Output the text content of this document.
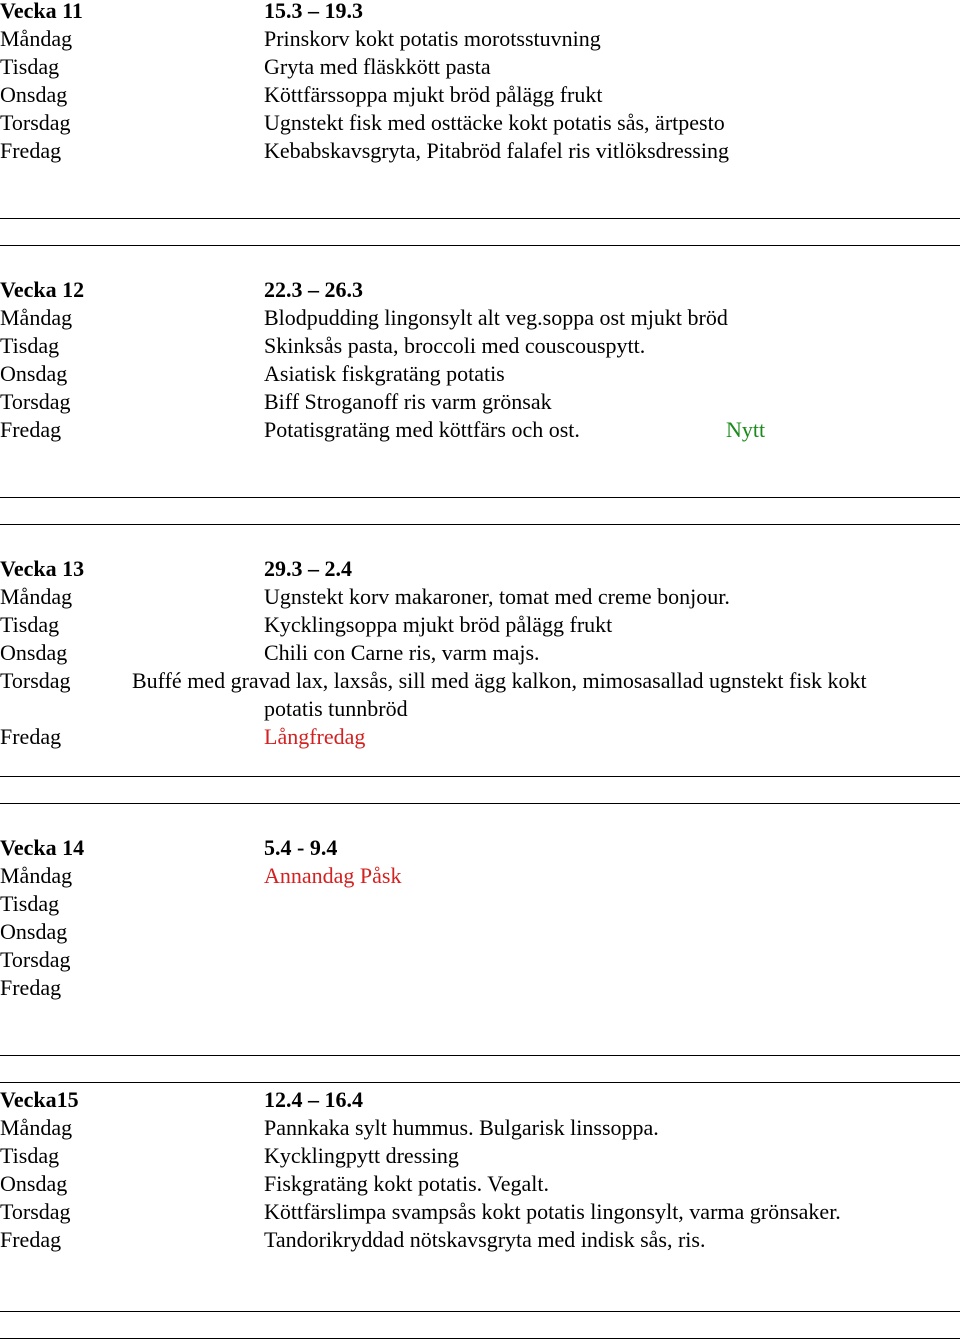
Vecka 11	15.3 – 19.3
Måndag	Prinskorv kokt potatis morotsstuvning
Tisdag	Gryta med fläskkött pasta
Onsdag	Köttfärssoppa mjukt bröd pålägg frukt
Torsdag	Ugnstekt fisk med osttäcke kokt potatis sås, ärtpesto
Fredag	Kebabskavsgryta, Pitabröd falafel ris vitlöksdressing
Vecka 12	22.3 – 26.3
Måndag	Blodpudding lingonsylt alt veg.soppa ost mjukt bröd
Tisdag	Skinksås pasta, broccoli med couscouspytt.
Onsdag	Asiatisk fiskgratäng potatis
Torsdag	Biff Stroganoff ris varm grönsak
Fredag	Potatisgratäng med köttfärs och ost.	Nytt
Vecka 13	29.3 – 2.4
Måndag	Ugnstekt korv makaroner, tomat med creme bonjour.
Tisdag	Kycklingsoppa mjukt bröd pålägg frukt
Onsdag	Chili con Carne ris, varm majs.
Torsdag	Buffé med gravad lax, laxsås, sill med ägg kalkon, mimosasallad ugnstekt fisk kokt
potatis tunnbröd
Fredag	Långfredag
Vecka 14	5.4 - 9.4
Måndag	Annandag Påsk
Tisdag
Onsdag
Torsdag
Fredag
Vecka15	12.4 – 16.4
Måndag	Pannkaka sylt hummus. Bulgarisk linssoppa.
Tisdag	Kycklingpytt dressing
Onsdag	Fiskgratäng kokt potatis. Vegalt.
Torsdag	Köttfärslimpa svampsås kokt potatis lingonsylt, varma grönsaker.
Fredag	Tandorikryddad nötskavsgryta med indisk sås, ris.
